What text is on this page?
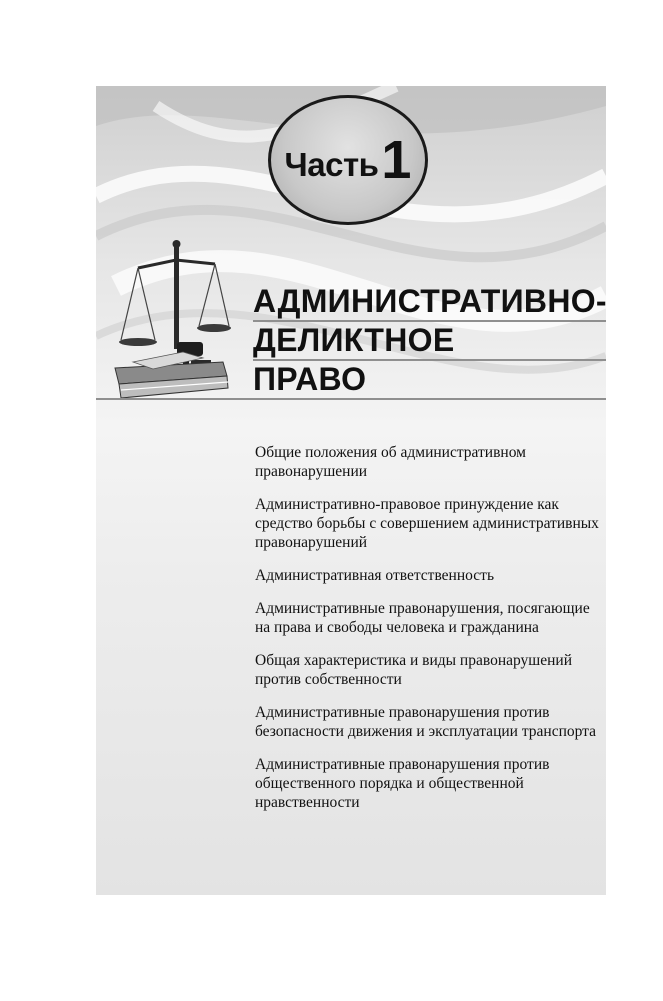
Часть 1
АДМИНИСТРАТИВНО-
ДЕЛИКТНОЕ
ПРАВО
Общие положения об административном правонарушении
Административно-правовое принуждение как средство борьбы с совершением административных правонарушений
Административная ответственность
Административные правонарушения, посягающие на права и свободы человека и гражданина
Общая характеристика и виды правонарушений против собственности
Административные правонарушения против безопасности движения и эксплуатации транспорта
Административные правонарушения против общественного порядка и общественной нравственности
